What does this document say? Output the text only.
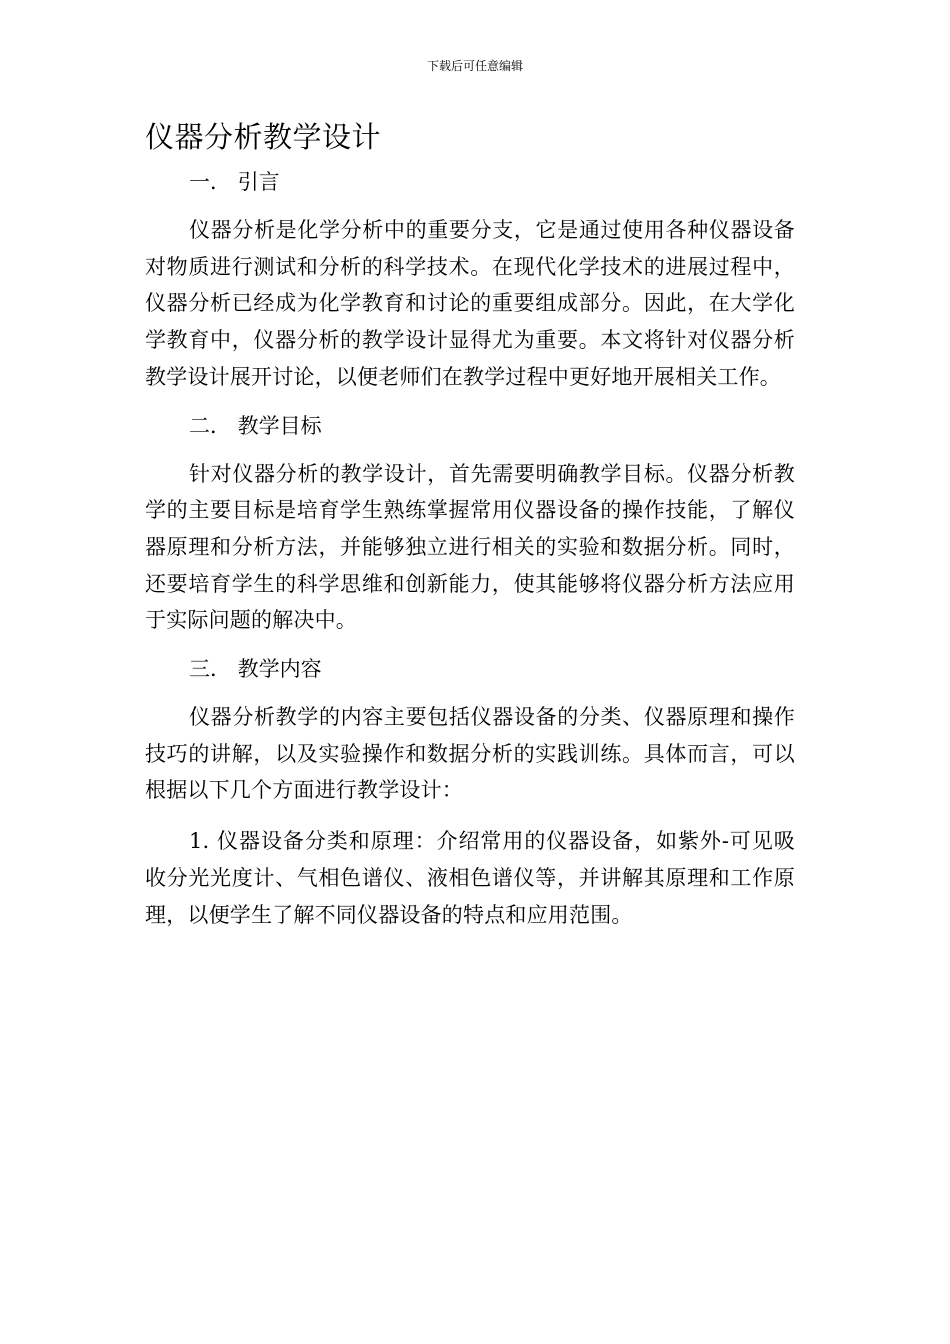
下载后可任意编辑
仪器分析教学设计
一． 引言

仪器分析是化学分析中的重要分支，它是通过使用各种仪器设备对物质进行测试和分析的科学技术。在现代化学技术的进展过程中，仪器分析已经成为化学教育和讨论的重要组成部分。因此，在大学化学教育中，仪器分析的教学设计显得尤为重要。本文将针对仪器分析教学设计展开讨论，以便老师们在教学过程中更好地开展相关工作。

二． 教学目标

针对仪器分析的教学设计，首先需要明确教学目标。仪器分析教学的主要目标是培育学生熟练掌握常用仪器设备的操作技能，了解仪器原理和分析方法，并能够独立进行相关的实验和数据分析。同时，还要培育学生的科学思维和创新能力，使其能够将仪器分析方法应用于实际问题的解决中。

三． 教学内容

仪器分析教学的内容主要包括仪器设备的分类、仪器原理和操作技巧的讲解，以及实验操作和数据分析的实践训练。具体而言，可以根据以下几个方面进行教学设计：

1. 仪器设备分类和原理：介绍常用的仪器设备，如紫外-可见吸收分光光度计、气相色谱仪、液相色谱仪等，并讲解其原理和工作原理，以便学生了解不同仪器设备的特点和应用范围。
